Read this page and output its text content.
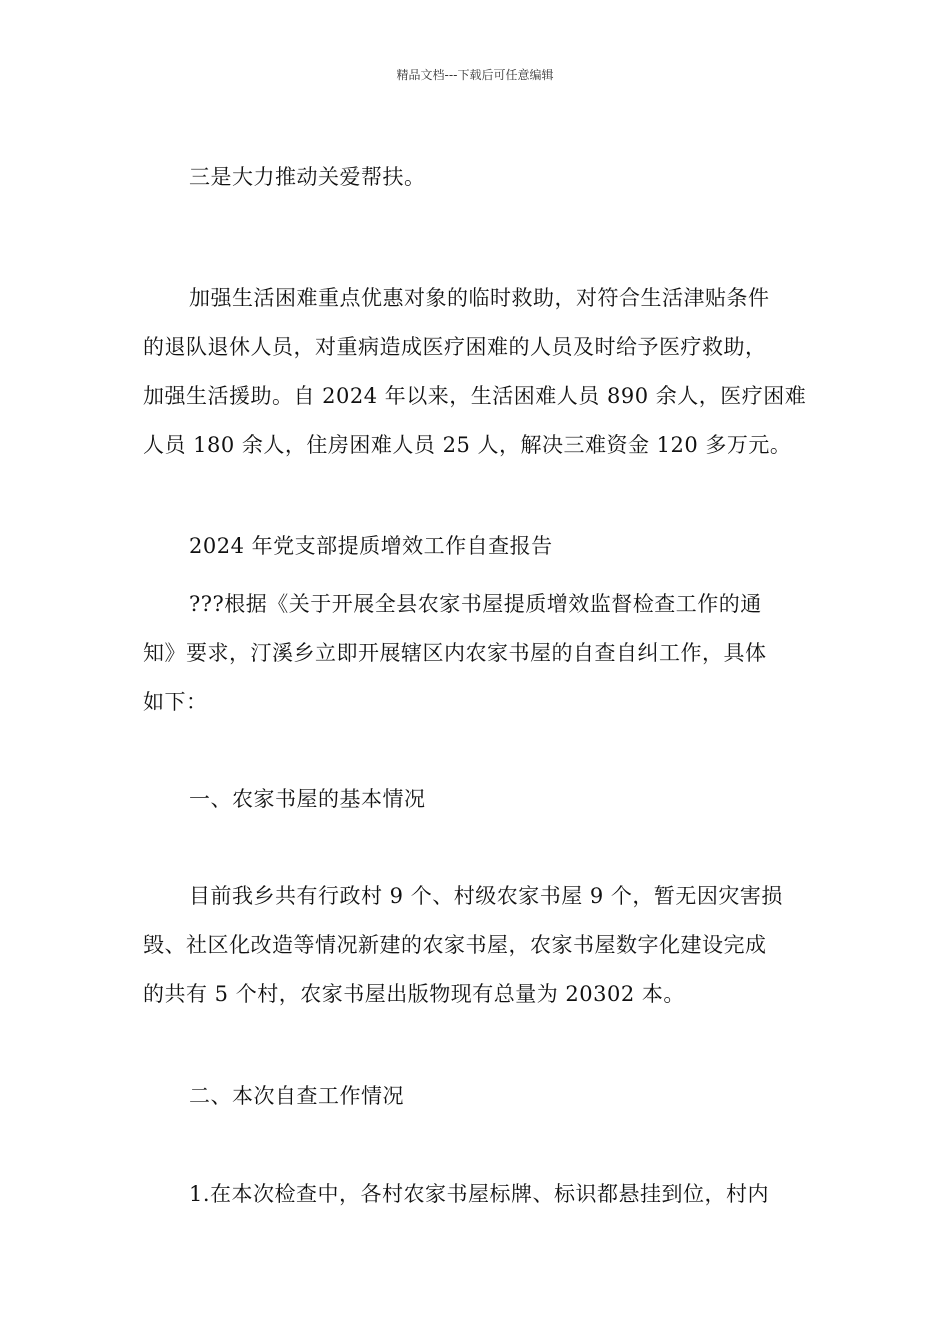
精品文档---下载后可任意编辑
三是大力推动关爱帮扶。
加强生活困难重点优惠对象的临时救助，对符合生活津贴条件
的退队退休人员，对重病造成医疗困难的人员及时给予医疗救助，
加强生活援助。自 2024 年以来，生活困难人员 890 余人，医疗困难
人员 180 余人，住房困难人员 25 人，解决三难资金 120 多万元。
2024 年党支部提质增效工作自查报告
???根据《关于开展全县农家书屋提质增效监督检查工作的通
知》要求，汀溪乡立即开展辖区内农家书屋的自查自纠工作，具体
如下：
一、农家书屋的基本情况
目前我乡共有行政村 9 个、村级农家书屋 9 个，暂无因灾害损
毁、社区化改造等情况新建的农家书屋，农家书屋数字化建设完成
的共有 5 个村，农家书屋出版物现有总量为 20302 本。
二、本次自查工作情况
1.在本次检查中，各村农家书屋标牌、标识都悬挂到位，村内
